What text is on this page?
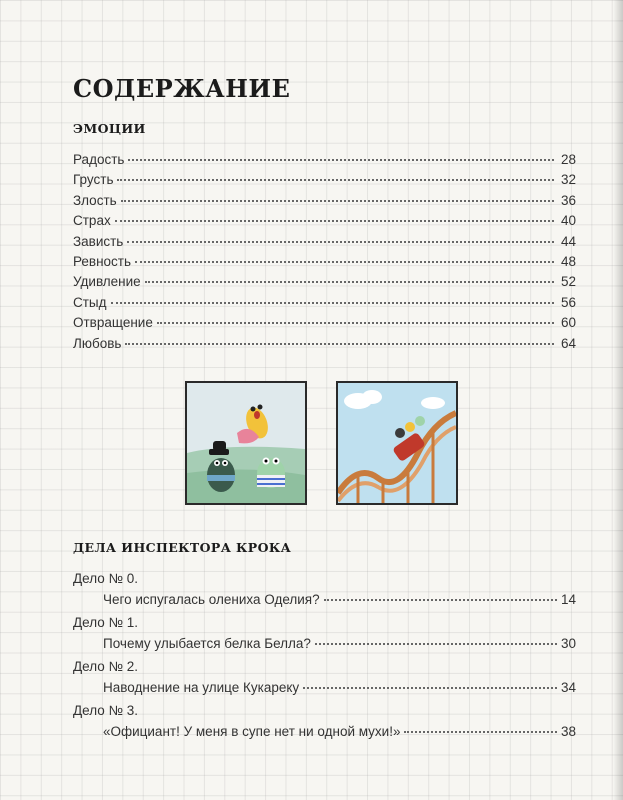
СОДЕРЖАНИЕ
ЭМОЦИИ
Радость	28
Грусть	32
Злость	36
Страх	40
Зависть	44
Ревность	48
Удивление	52
Стыд	56
Отвращение	60
Любовь	64
ДЕЛА ИНСПЕКТОРА КРОКА
Дело № 0.
Чего испугалась олениха Оделия?	14
Дело № 1.
Почему улыбается белка Белла?	30
Дело № 2.
Наводнение на улице Кукареку	34
Дело № 3.
«Официант! У меня в супе нет ни одной мухи!»	38
